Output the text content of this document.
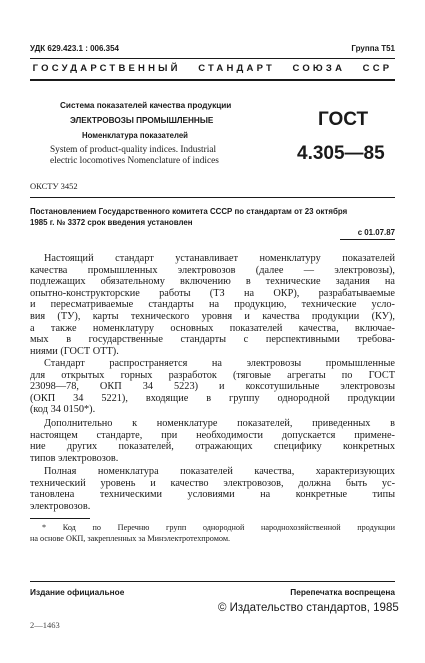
УДК 629.423.1 : 006.354	Группа Т51
ГОСУДАРСТВЕННЫЙ   СТАНДАРТ   СОЮЗА   ССР
Система показателей качества продукции
ЭЛЕКТРОВОЗЫ ПРОМЫШЛЕННЫЕ
Номенклатура показателей
System of product-quality indices. Industrial
electric locomotives Nomenclature of indices
ГОСТ
4.305—85
ОКСТУ 3452
Постановлением Государственного комитета СССР по стандартам от 23 октября
1985 г. № 3372 срок введения установлен
с 01.07.87
Настоящий стандарт устанавливает номенклатуру показателей
качества промышленных электровозов (далее — электровозы),
подлежащих обязательному включению в технические задания на
опытно-конструкторские работы (ТЗ на ОКР), разрабатываемые
и пересматриваемые стандарты на продукцию, технические усло-
вия (ТУ), карты технического уровня и качества продукции (КУ),
а также номенклатуру основных показателей качества, включае-
мых в государственные стандарты с перспективными требова-
ниями (ГОСТ ОТТ).
Стандарт распространяется на электровозы промышленные
для открытых горных разработок (тяговые агрегаты по ГОСТ
23098—78, ОКП 34 5223) и коксотушильные электровозы
(ОКП 34 5221), входящие в группу однородной продукции
(код 34 0150*).
Дополнительно к номенклатуре показателей, приведенных в
настоящем стандарте, при необходимости допускается примене-
ние других показателей, отражающих специфику конкретных
типов электровозов.
Полная номенклатура показателей качества, характеризующих
технический уровень и качество электровозов, должна быть ус-
тановлена техническими условиями на конкретные типы
электровозов.
* Код по Перечню групп однородной народнохозяйственной продукции
на основе ОКП, закрепленных за Минэлектротехпромом.
Издание официальное	Перепечатка воспрещена
© Издательство стандартов, 1985
2—1463
